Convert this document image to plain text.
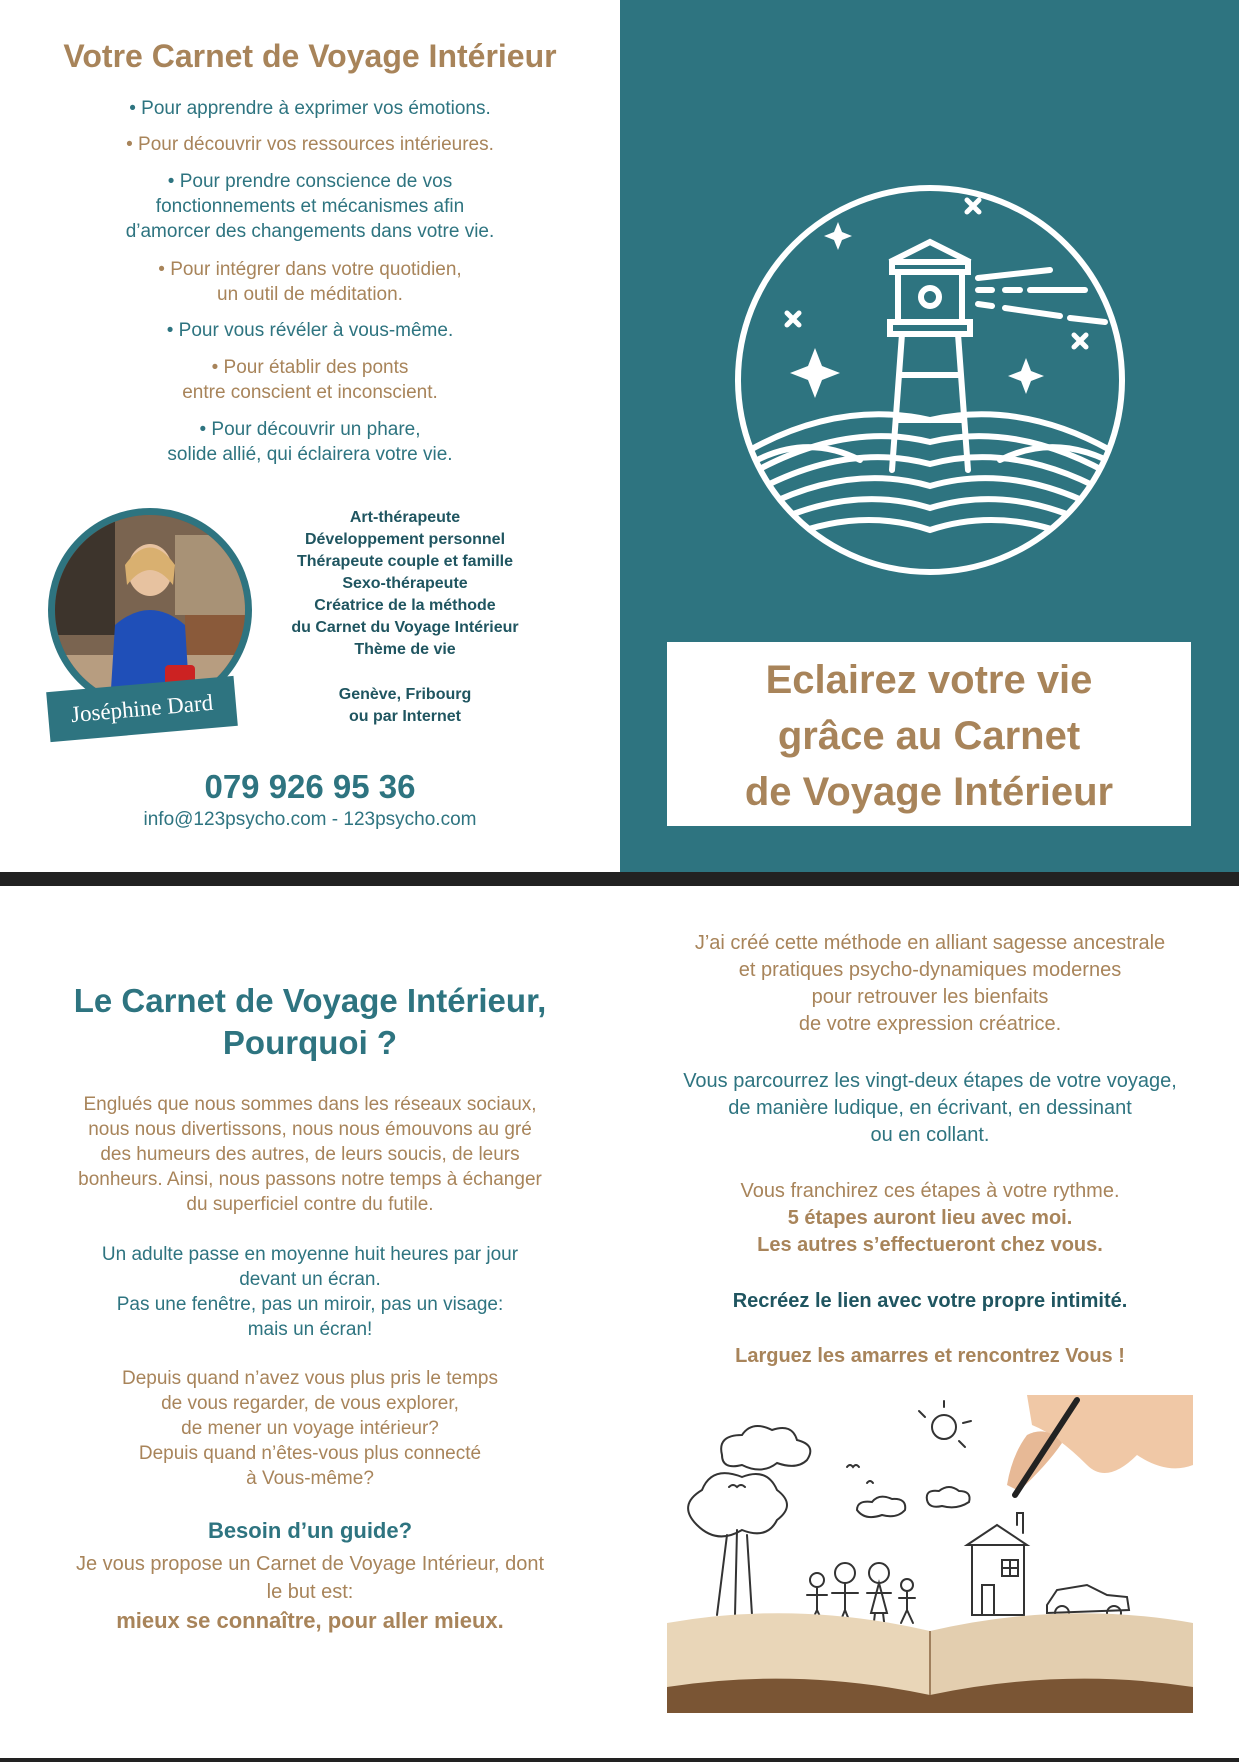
Votre Carnet de Voyage Intérieur
• Pour apprendre à exprimer vos émotions.
• Pour découvrir vos ressources intérieures.
• Pour prendre conscience de vos
fonctionnements et mécanismes afin
d’amorcer des changements dans votre vie.
• Pour intégrer dans votre quotidien,
un outil de méditation.
• Pour vous révéler à vous-même.
• Pour établir des ponts
entre conscient et inconscient.
• Pour découvrir un phare,
solide allié, qui éclairera votre vie.
Joséphine Dard
Art-thérapeute
Développement personnel
Thérapeute couple et famille
Sexo-thérapeute
Créatrice de la méthode
du Carnet du Voyage Intérieur
Thème de vie
Genève, Fribourg
ou par Internet
079 926 95 36
info@123psycho.com - 123psycho.com
Eclairez votre vie
grâce au Carnet
de Voyage Intérieur
Le Carnet de Voyage Intérieur,
Pourquoi ?
Englués que nous sommes dans les réseaux sociaux,
nous nous divertissons, nous nous émouvons au gré
des humeurs des autres, de leurs soucis, de leurs
bonheurs. Ainsi, nous passons notre temps à échanger
du superficiel contre du futile.
Un adulte passe en moyenne huit heures par jour
devant un écran.
Pas une fenêtre, pas un miroir, pas un visage:
mais un écran!
Depuis quand n’avez vous plus pris le temps
de vous regarder, de vous explorer,
de mener un voyage intérieur?
Depuis quand n’êtes-vous plus connecté
à Vous-même?
Besoin d’un guide?
Je vous propose un Carnet de Voyage Intérieur, dont
le but est:
mieux se connaître, pour aller mieux.
J’ai créé cette méthode en alliant sagesse ancestrale
et pratiques psycho-dynamiques modernes
pour retrouver les bienfaits
de votre expression créatrice.
Vous parcourrez les vingt-deux étapes de votre voyage,
de manière ludique, en écrivant, en dessinant
ou en collant.
Vous franchirez ces étapes à votre rythme.
5 étapes auront lieu avec moi.
Les autres s’effectueront chez vous.
Recréez le lien avec votre propre intimité.
Larguez les amarres et rencontrez Vous !
